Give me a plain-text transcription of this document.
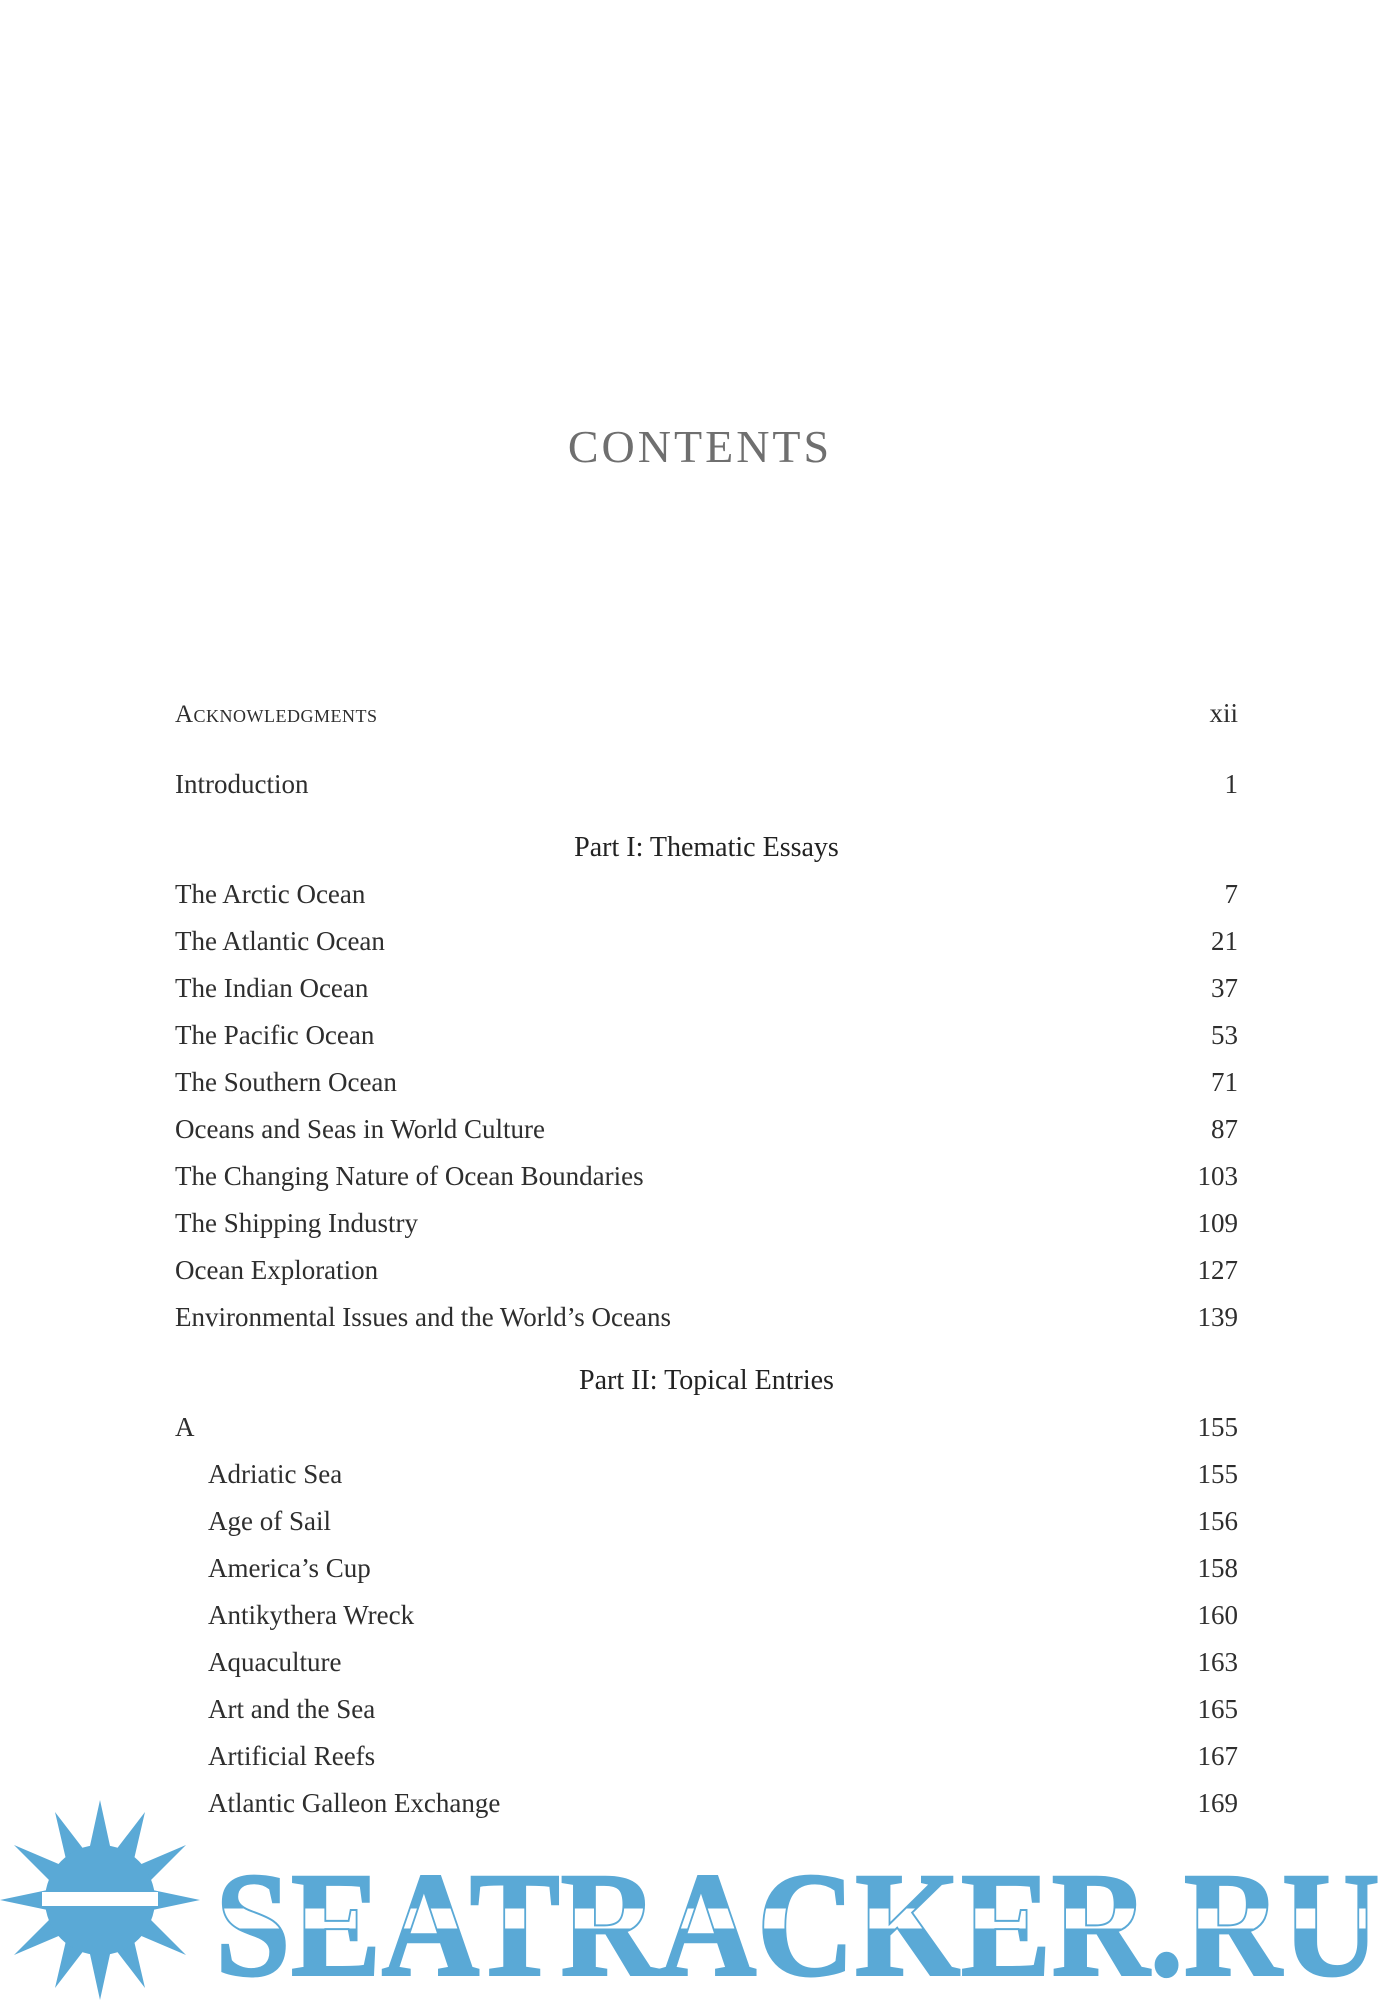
CONTENTS
Acknowledgments	xii
Introduction	1
Part I: Thematic Essays
The Arctic Ocean	7
The Atlantic Ocean	21
The Indian Ocean	37
The Pacific Ocean	53
The Southern Ocean	71
Oceans and Seas in World Culture	87
The Changing Nature of Ocean Boundaries	103
The Shipping Industry	109
Ocean Exploration	127
Environmental Issues and the World’s Oceans	139
Part II: Topical Entries
A	155
Adriatic Sea	155
Age of Sail	156
America’s Cup	158
Antikythera Wreck	160
Aquaculture	163
Art and the Sea	165
Artificial Reefs	167
Atlantic Galleon Exchange	169
SEATRACKER.RU
